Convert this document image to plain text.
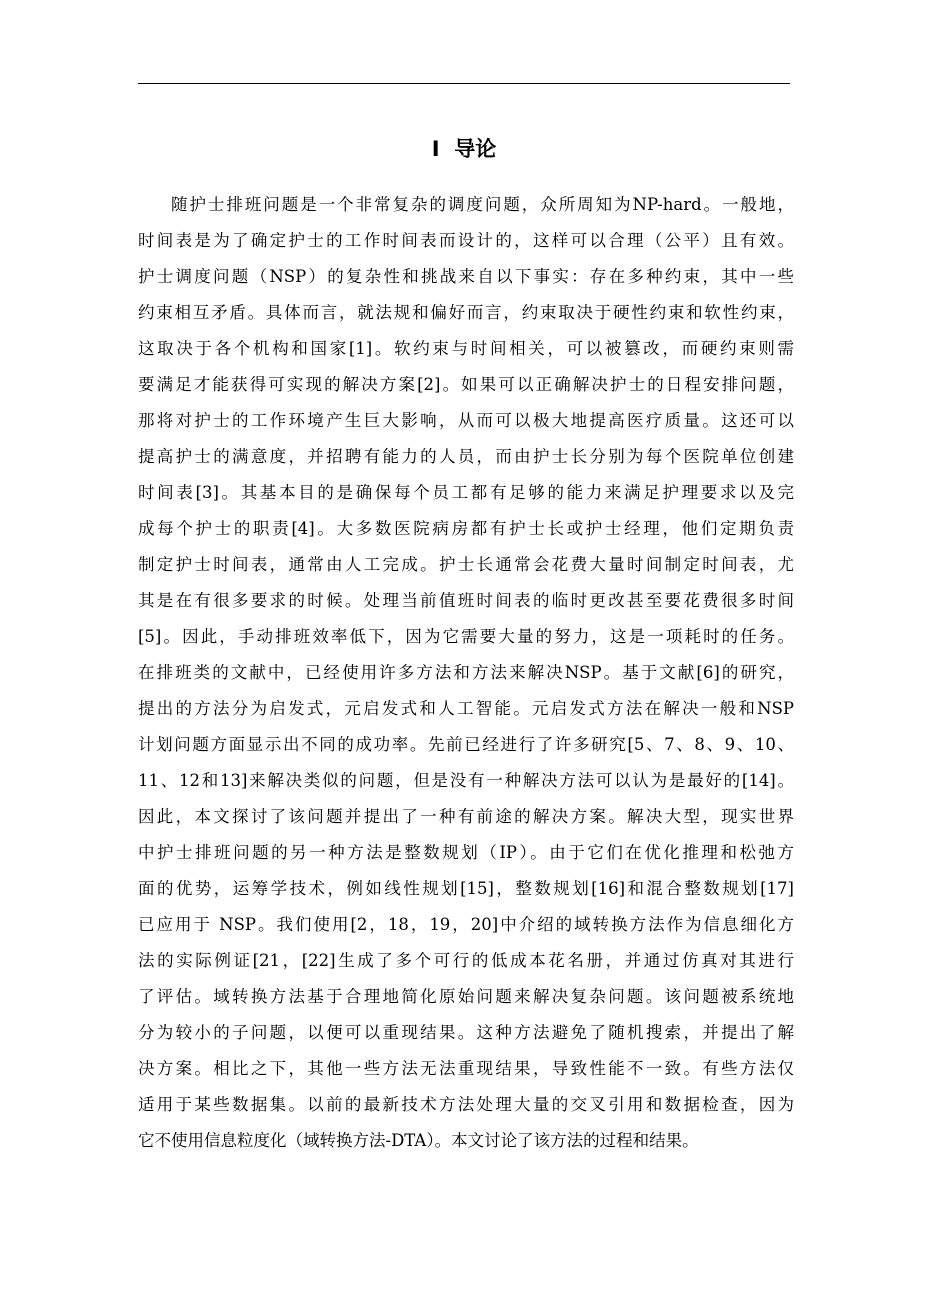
I 导论
随护士排班问题是一个非常复杂的调度问题，众所周知为NP-hard。一般地，
时间表是为了确定护士的工作时间表而设计的，这样可以合理（公平）且有效。
护士调度问题（NSP）的复杂性和挑战来自以下事实：存在多种约束，其中一些
约束相互矛盾。具体而言，就法规和偏好而言，约束取决于硬性约束和软性约束，
这取决于各个机构和国家[1]。软约束与时间相关，可以被篡改，而硬约束则需
要满足才能获得可实现的解决方案[2]。如果可以正确解决护士的日程安排问题，
那将对护士的工作环境产生巨大影响，从而可以极大地提高医疗质量。这还可以
提高护士的满意度，并招聘有能力的人员，而由护士长分别为每个医院单位创建
时间表[3]。其基本目的是确保每个员工都有足够的能力来满足护理要求以及完
成每个护士的职责[4]。大多数医院病房都有护士长或护士经理，他们定期负责
制定护士时间表，通常由人工完成。护士长通常会花费大量时间制定时间表，尤
其是在有很多要求的时候。处理当前值班时间表的临时更改甚至要花费很多时间
[5]。因此，手动排班效率低下，因为它需要大量的努力，这是一项耗时的任务。
在排班类的文献中，已经使用许多方法和方法来解决NSP。基于文献[6]的研究，
提出的方法分为启发式，元启发式和人工智能。元启发式方法在解决一般和NSP
计划问题方面显示出不同的成功率。先前已经进行了许多研究[5、7、8、9、10、
11、12和13]来解决类似的问题，但是没有一种解决方法可以认为是最好的[14]。
因此，本文探讨了该问题并提出了一种有前途的解决方案。解决大型，现实世界
中护士排班问题的另一种方法是整数规划（IP）。由于它们在优化推理和松弛方
面的优势，运筹学技术，例如线性规划[15]，整数规划[16]和混合整数规划[17]
已应用于 NSP。我们使用[2，18，19，20]中介绍的域转换方法作为信息细化方
法的实际例证[21，[22]生成了多个可行的低成本花名册，并通过仿真对其进行
了评估。域转换方法基于合理地简化原始问题来解决复杂问题。该问题被系统地
分为较小的子问题，以便可以重现结果。这种方法避免了随机搜索，并提出了解
决方案。相比之下，其他一些方法无法重现结果，导致性能不一致。有些方法仅
适用于某些数据集。以前的最新技术方法处理大量的交叉引用和数据检查，因为
它不使用信息粒度化（域转换方法-DTA）。本文讨论了该方法的过程和结果。
